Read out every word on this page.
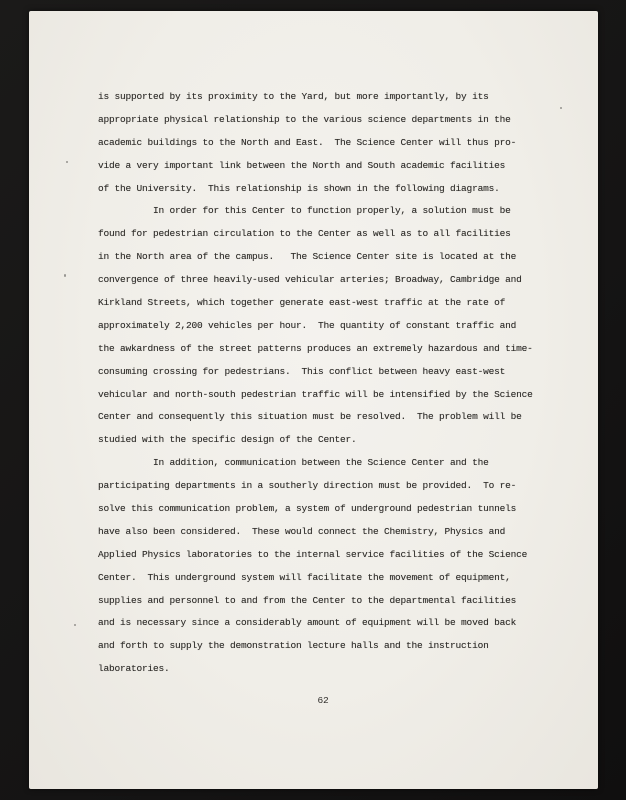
is supported by its proximity to the Yard, but more importantly, by its
appropriate physical relationship to the various science departments in the
academic buildings to the North and East.  The Science Center will thus pro-
vide a very important link between the North and South academic facilities
of the University.  This relationship is shown in the following diagrams.
In order for this Center to function properly, a solution must be
found for pedestrian circulation to the Center as well as to all facilities
in the North area of the campus.   The Science Center site is located at the
convergence of three heavily-used vehicular arteries; Broadway, Cambridge and
Kirkland Streets, which together generate east-west traffic at the rate of
approximately 2,200 vehicles per hour.  The quantity of constant traffic and
the awkardness of the street patterns produces an extremely hazardous and time-
consuming crossing for pedestrians.  This conflict between heavy east-west
vehicular and north-south pedestrian traffic will be intensified by the Science
Center and consequently this situation must be resolved.  The problem will be
studied with the specific design of the Center.
In addition, communication between the Science Center and the
participating departments in a southerly direction must be provided.  To re-
solve this communication problem, a system of underground pedestrian tunnels
have also been considered.  These would connect the Chemistry, Physics and
Applied Physics laboratories to the internal service facilities of the Science
Center.  This underground system will facilitate the movement of equipment,
supplies and personnel to and from the Center to the departmental facilities
and is necessary since a considerably amount of equipment will be moved back
and forth to supply the demonstration lecture halls and the instruction
laboratories.
62
